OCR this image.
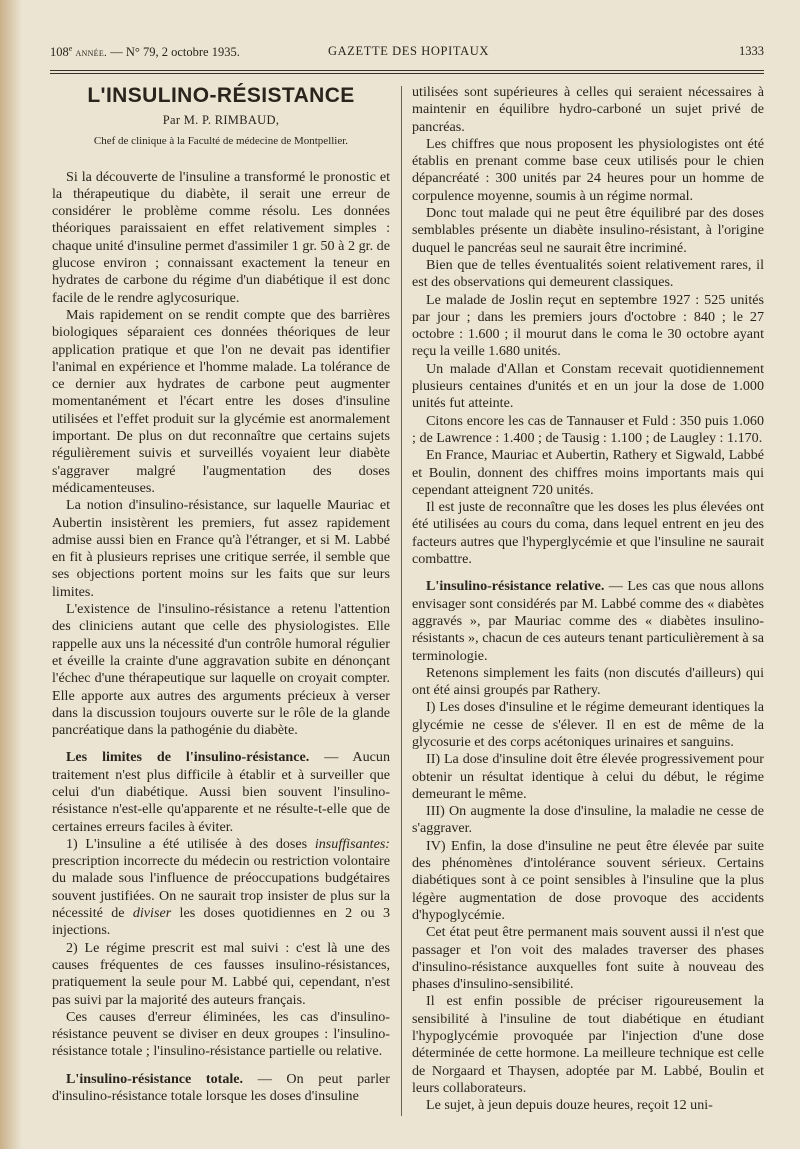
108e année. — N° 79, 2 octobre 1935.	GAZETTE DES HOPITAUX	1333
L'INSULINO-RÉSISTANCE
Par M. P. RIMBAUD,
Chef de clinique à la Faculté de médecine de Montpellier.

Si la découverte de l'insuline a transformé le pronostic et la thérapeutique du diabète, il serait une erreur de considérer le problème comme résolu. Les données théoriques paraissaient en effet relativement simples : chaque unité d'insuline permet d'assimiler 1 gr. 50 à 2 gr. de glucose environ ; connaissant exactement la teneur en hydrates de carbone du régime d'un diabétique il est donc facile de le rendre aglycosurique.

Mais rapidement on se rendit compte que des barrières biologiques séparaient ces données théoriques de leur application pratique et que l'on ne devait pas identifier l'animal en expérience et l'homme malade. La tolérance de ce dernier aux hydrates de carbone peut augmenter momentanément et l'écart entre les doses d'insuline utilisées et l'effet produit sur la glycémie est anormalement important. De plus on dut reconnaître que certains sujets régulièrement suivis et surveillés voyaient leur diabète s'aggraver malgré l'augmentation des doses médicamenteuses.

La notion d'insulino-résistance, sur laquelle Mauriac et Aubertin insistèrent les premiers, fut assez rapidement admise aussi bien en France qu'à l'étranger, et si M. Labbé en fit à plusieurs reprises une critique serrée, il semble que ses objections portent moins sur les faits que sur leurs limites.

L'existence de l'insulino-résistance a retenu l'attention des cliniciens autant que celle des physiologistes. Elle rappelle aux uns la nécessité d'un contrôle humoral régulier et éveille la crainte d'une aggravation subite en dénonçant l'échec d'une thérapeutique sur laquelle on croyait compter. Elle apporte aux autres des arguments précieux à verser dans la discussion toujours ouverte sur le rôle de la glande pancréatique dans la pathogénie du diabète.

Les limites de l'insulino-résistance. — Aucun traitement n'est plus difficile à établir et à surveiller que celui d'un diabétique. Aussi bien souvent l'insulino-résistance n'est-elle qu'apparente et ne résulte-t-elle que de certaines erreurs faciles à éviter.

1) L'insuline a été utilisée à des doses insuffisantes: prescription incorrecte du médecin ou restriction volontaire du malade sous l'influence de préoccupations budgétaires souvent justifiées. On ne saurait trop insister de plus sur la nécessité de diviser les doses quotidiennes en 2 ou 3 injections.

2) Le régime prescrit est mal suivi : c'est là une des causes fréquentes de ces fausses insulino-résistances, pratiquement la seule pour M. Labbé qui, cependant, n'est pas suivi par la majorité des auteurs français.

Ces causes d'erreur éliminées, les cas d'insulino-résistance peuvent se diviser en deux groupes : l'insulino-résistance totale ; l'insulino-résistance partielle ou relative.

L'insulino-résistance totale. — On peut parler d'insulino-résistance totale lorsque les doses d'insuline

utilisées sont supérieures à celles qui seraient nécessaires à maintenir en équilibre hydro-carboné un sujet privé de pancréas.

Les chiffres que nous proposent les physiologistes ont été établis en prenant comme base ceux utilisés pour le chien dépancréaté : 300 unités par 24 heures pour un homme de corpulence moyenne, soumis à un régime normal.

Donc tout malade qui ne peut être équilibré par des doses semblables présente un diabète insulino-résistant, à l'origine duquel le pancréas seul ne saurait être incriminé.

Bien que de telles éventualités soient relativement rares, il est des observations qui demeurent classiques.

Le malade de Joslin reçut en septembre 1927 : 525 unités par jour ; dans les premiers jours d'octobre : 840 ; le 27 octobre : 1.600 ; il mourut dans le coma le 30 octobre ayant reçu la veille 1.680 unités.

Un malade d'Allan et Constam recevait quotidiennement plusieurs centaines d'unités et en un jour la dose de 1.000 unités fut atteinte.

Citons encore les cas de Tannauser et Fuld : 350 puis 1.060 ; de Lawrence : 1.400 ; de Tausig : 1.100 ; de Laugley : 1.170.

En France, Mauriac et Aubertin, Rathery et Sigwald, Labbé et Boulin, donnent des chiffres moins importants mais qui cependant atteignent 720 unités.

Il est juste de reconnaître que les doses les plus élevées ont été utilisées au cours du coma, dans lequel entrent en jeu des facteurs autres que l'hyperglycémie et que l'insuline ne saurait combattre.

L'insulino-résistance relative. — Les cas que nous allons envisager sont considérés par M. Labbé comme des « diabètes aggravés », par Mauriac comme des « diabètes insulino-résistants », chacun de ces auteurs tenant particulièrement à sa terminologie.

Retenons simplement les faits (non discutés d'ailleurs) qui ont été ainsi groupés par Rathery.

I) Les doses d'insuline et le régime demeurant identiques la glycémie ne cesse de s'élever. Il en est de même de la glycosurie et des corps acétoniques urinaires et sanguins.

II) La dose d'insuline doit être élevée progressivement pour obtenir un résultat identique à celui du début, le régime demeurant le même.

III) On augmente la dose d'insuline, la maladie ne cesse de s'aggraver.

IV) Enfin, la dose d'insuline ne peut être élevée par suite des phénomènes d'intolérance souvent sérieux. Certains diabétiques sont à ce point sensibles à l'insuline que la plus légère augmentation de dose provoque des accidents d'hypoglycémie.

Cet état peut être permanent mais souvent aussi il n'est que passager et l'on voit des malades traverser des phases d'insulino-résistance auxquelles font suite à nouveau des phases d'insulino-sensibilité.

Il est enfin possible de préciser rigoureusement la sensibilité à l'insuline de tout diabétique en étudiant l'hypoglycémie provoquée par l'injection d'une dose déterminée de cette hormone. La meilleure technique est celle de Norgaard et Thaysen, adoptée par M. Labbé, Boulin et leurs collaborateurs.

Le sujet, à jeun depuis douze heures, reçoit 12 uni-
